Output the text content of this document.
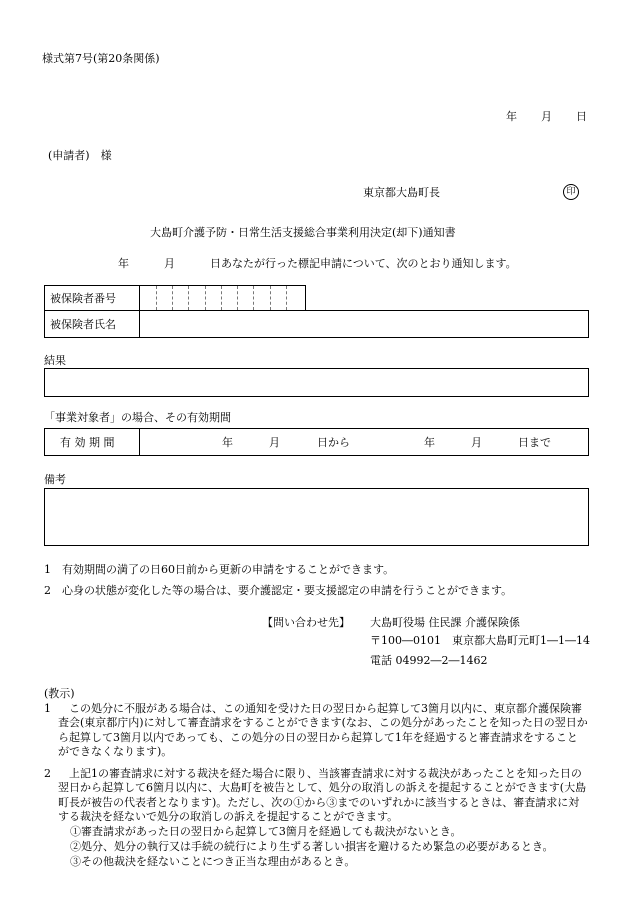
様式第7号(第20条関係)
年 月 日
(申請者)　様
東京都大島町長	印
大島町介護予防・日常生活支援総合事業利用決定(却下)通知書
年	月	日あなたが行った標記申請について、次のとおり通知します。
被保険者番号
被保険者氏名
結果
「事業対象者」の場合、その有効期間
有 効 期 間	年	月	日から	年	月	日まで
備考
1 有効期間の満了の日60日前から更新の申請をすることができます。
2 心身の状態が変化した等の場合は、要介護認定・要支援認定の申請を行うことができます。
【問い合わせ先】 大島町役場 住民課 介護保険係
〒100―0101　東京都大島町元町1―1―14
電話 04992―2―1462
(教示)
1	この処分に不服がある場合は、この通知を受けた日の翌日から起算して3箇月以内に、東京都介護保険審査会(東京都庁内)に対して審査請求をすることができます(なお、この処分があったことを知った日の翌日から起算して3箇月以内であっても、この処分の日の翌日から起算して1年を経過すると審査請求をすることができなくなります)。
2	上記1の審査請求に対する裁決を経た場合に限り、当該審査請求に対する裁決があったことを知った日の翌日から起算して6箇月以内に、大島町を被告として、処分の取消しの訴えを提起することができます(大島町長が被告の代表者となります)。ただし、次の①から③までのいずれかに該当するときは、審査請求に対する裁決を経ないで処分の取消しの訴えを提起することができます。
①審査請求があった日の翌日から起算して3箇月を経過しても裁決がないとき。
②処分、処分の執行又は手続の続行により生ずる著しい損害を避けるため緊急の必要があるとき。
③その他裁決を経ないことにつき正当な理由があるとき。
